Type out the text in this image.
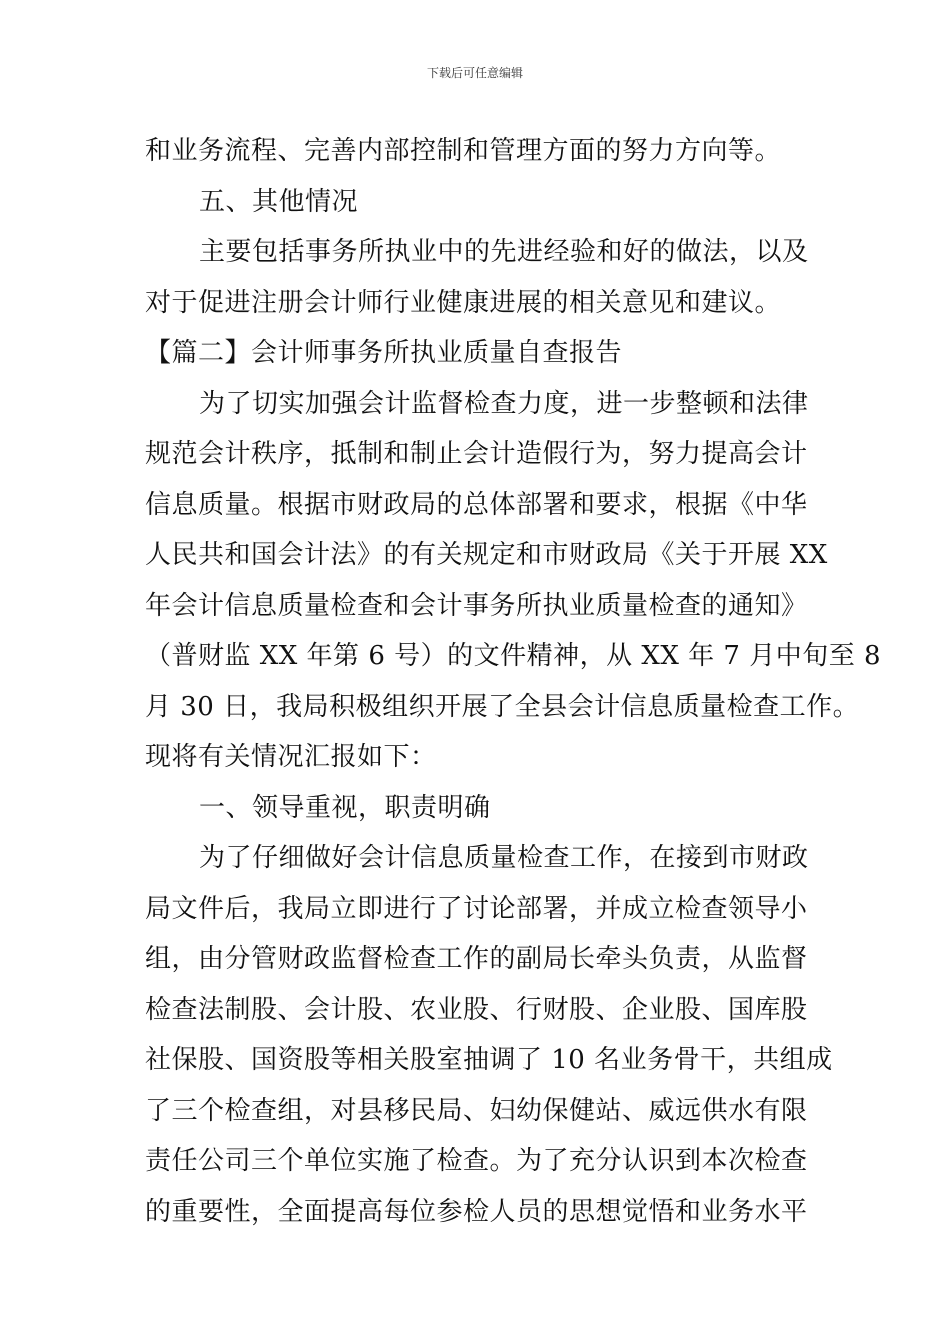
下载后可任意编辑
和业务流程、完善内部控制和管理方面的努力方向等。
五、其他情况
主要包括事务所执业中的先进经验和好的做法，以及
对于促进注册会计师行业健康进展的相关意见和建议。
【篇二】会计师事务所执业质量自查报告
为了切实加强会计监督检查力度，进一步整顿和法律
规范会计秩序，抵制和制止会计造假行为，努力提高会计
信息质量。根据市财政局的总体部署和要求，根据《中华
人民共和国会计法》的有关规定和市财政局《关于开展 XX
年会计信息质量检查和会计事务所执业质量检查的通知》
（普财监 XX 年第 6 号）的文件精神，从 XX 年 7 月中旬至 8
月 30 日，我局积极组织开展了全县会计信息质量检查工作。
现将有关情况汇报如下：
一、领导重视，职责明确
为了仔细做好会计信息质量检查工作，在接到市财政
局文件后，我局立即进行了讨论部署，并成立检查领导小
组，由分管财政监督检查工作的副局长牵头负责，从监督
检查法制股、会计股、农业股、行财股、企业股、国库股
社保股、国资股等相关股室抽调了 10 名业务骨干，共组成
了三个检查组，对县移民局、妇幼保健站、威远供水有限
责任公司三个单位实施了检查。为了充分认识到本次检查
的重要性，全面提高每位参检人员的思想觉悟和业务水平
